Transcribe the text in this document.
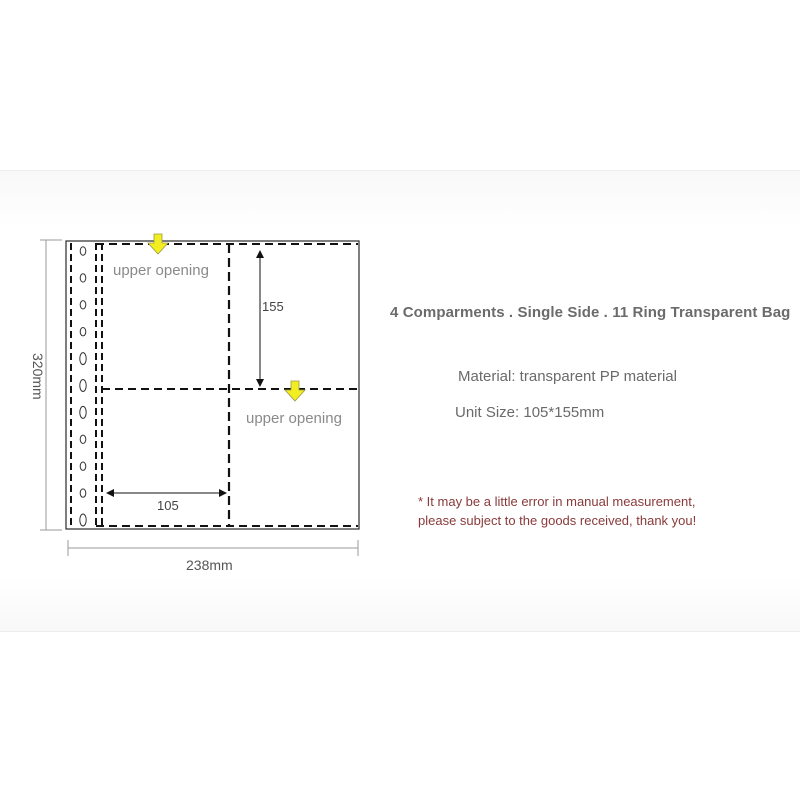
155
105
upper opening
upper opening
320mm
238mm
4 Comparments . Single Side . 11 Ring Transparent Bag
Material: transparent PP material
Unit Size: 105*155mm
* It may be a little error in manual measurement,
please subject to the goods received, thank you!
